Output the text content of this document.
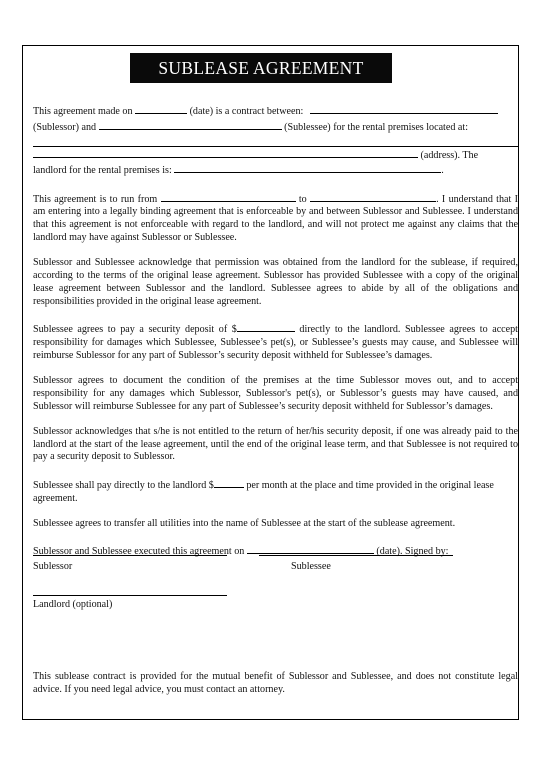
SUBLEASE AGREEMENT

This agreement made on	(date) is a contract between:

(Sublessor) and	(Sublessee) for the rental premises located at:

(address). The

landlord for the rental premises is:	.

This agreement is to run from	to	. I understand that I am entering into a legally binding agreement that is enforceable by and between Sublessor and Sublessee. I understand that this agreement is not enforceable with regard to the landlord, and will not protect me against any claims that the landlord may have against Sublessor or Sublessee.

Sublessor and Sublessee acknowledge that permission was obtained from the landlord for the sublease, if required, according to the terms of the original lease agreement. Sublessor has provided Sublessee with a copy of the original lease agreement between Sublessor and the landlord. Sublessee agrees to abide by all of the obligations and responsibilities provided in the original lease agreement.

Sublessee agrees to pay a security deposit of $	directly to the landlord. Sublessee agrees to accept responsibility for damages which Sublessee, Sublessee’s pet(s), or Sublessee’s guests may cause, and Sublessee will reimburse Sublessor for any part of Sublessor’s security deposit withheld for Sublessee’s damages.

Sublessor agrees to document the condition of the premises at the time Sublessor moves out, and to accept responsibility for any damages which Sublessor, Sublessor's pet(s), or Sublessor’s guests may have caused, and Sublessor will reimburse Sublessee for any part of Sublessee’s security deposit withheld for Sublessor’s damages.

Sublessor acknowledges that s/he is not entitled to the return of her/his security deposit, if one was already paid to the landlord at the start of the lease agreement, until the end of the original lease term, and that Sublessee is not required to pay a security deposit to Sublessor.

Sublessee shall pay directly to the landlord $	per month at the place and time provided in the original lease agreement.

Sublessee agrees to transfer all utilities into the name of Sublessee at the start of the sublease agreement.

Sublessor and Sublessee executed this agreement on	(date). Signed by:

Sublessor	Sublessee
Landlord (optional)

This sublease contract is provided for the mutual benefit of Sublessor and Sublessee, and does not constitute legal advice. If you need legal advice, you must contact an attorney.
